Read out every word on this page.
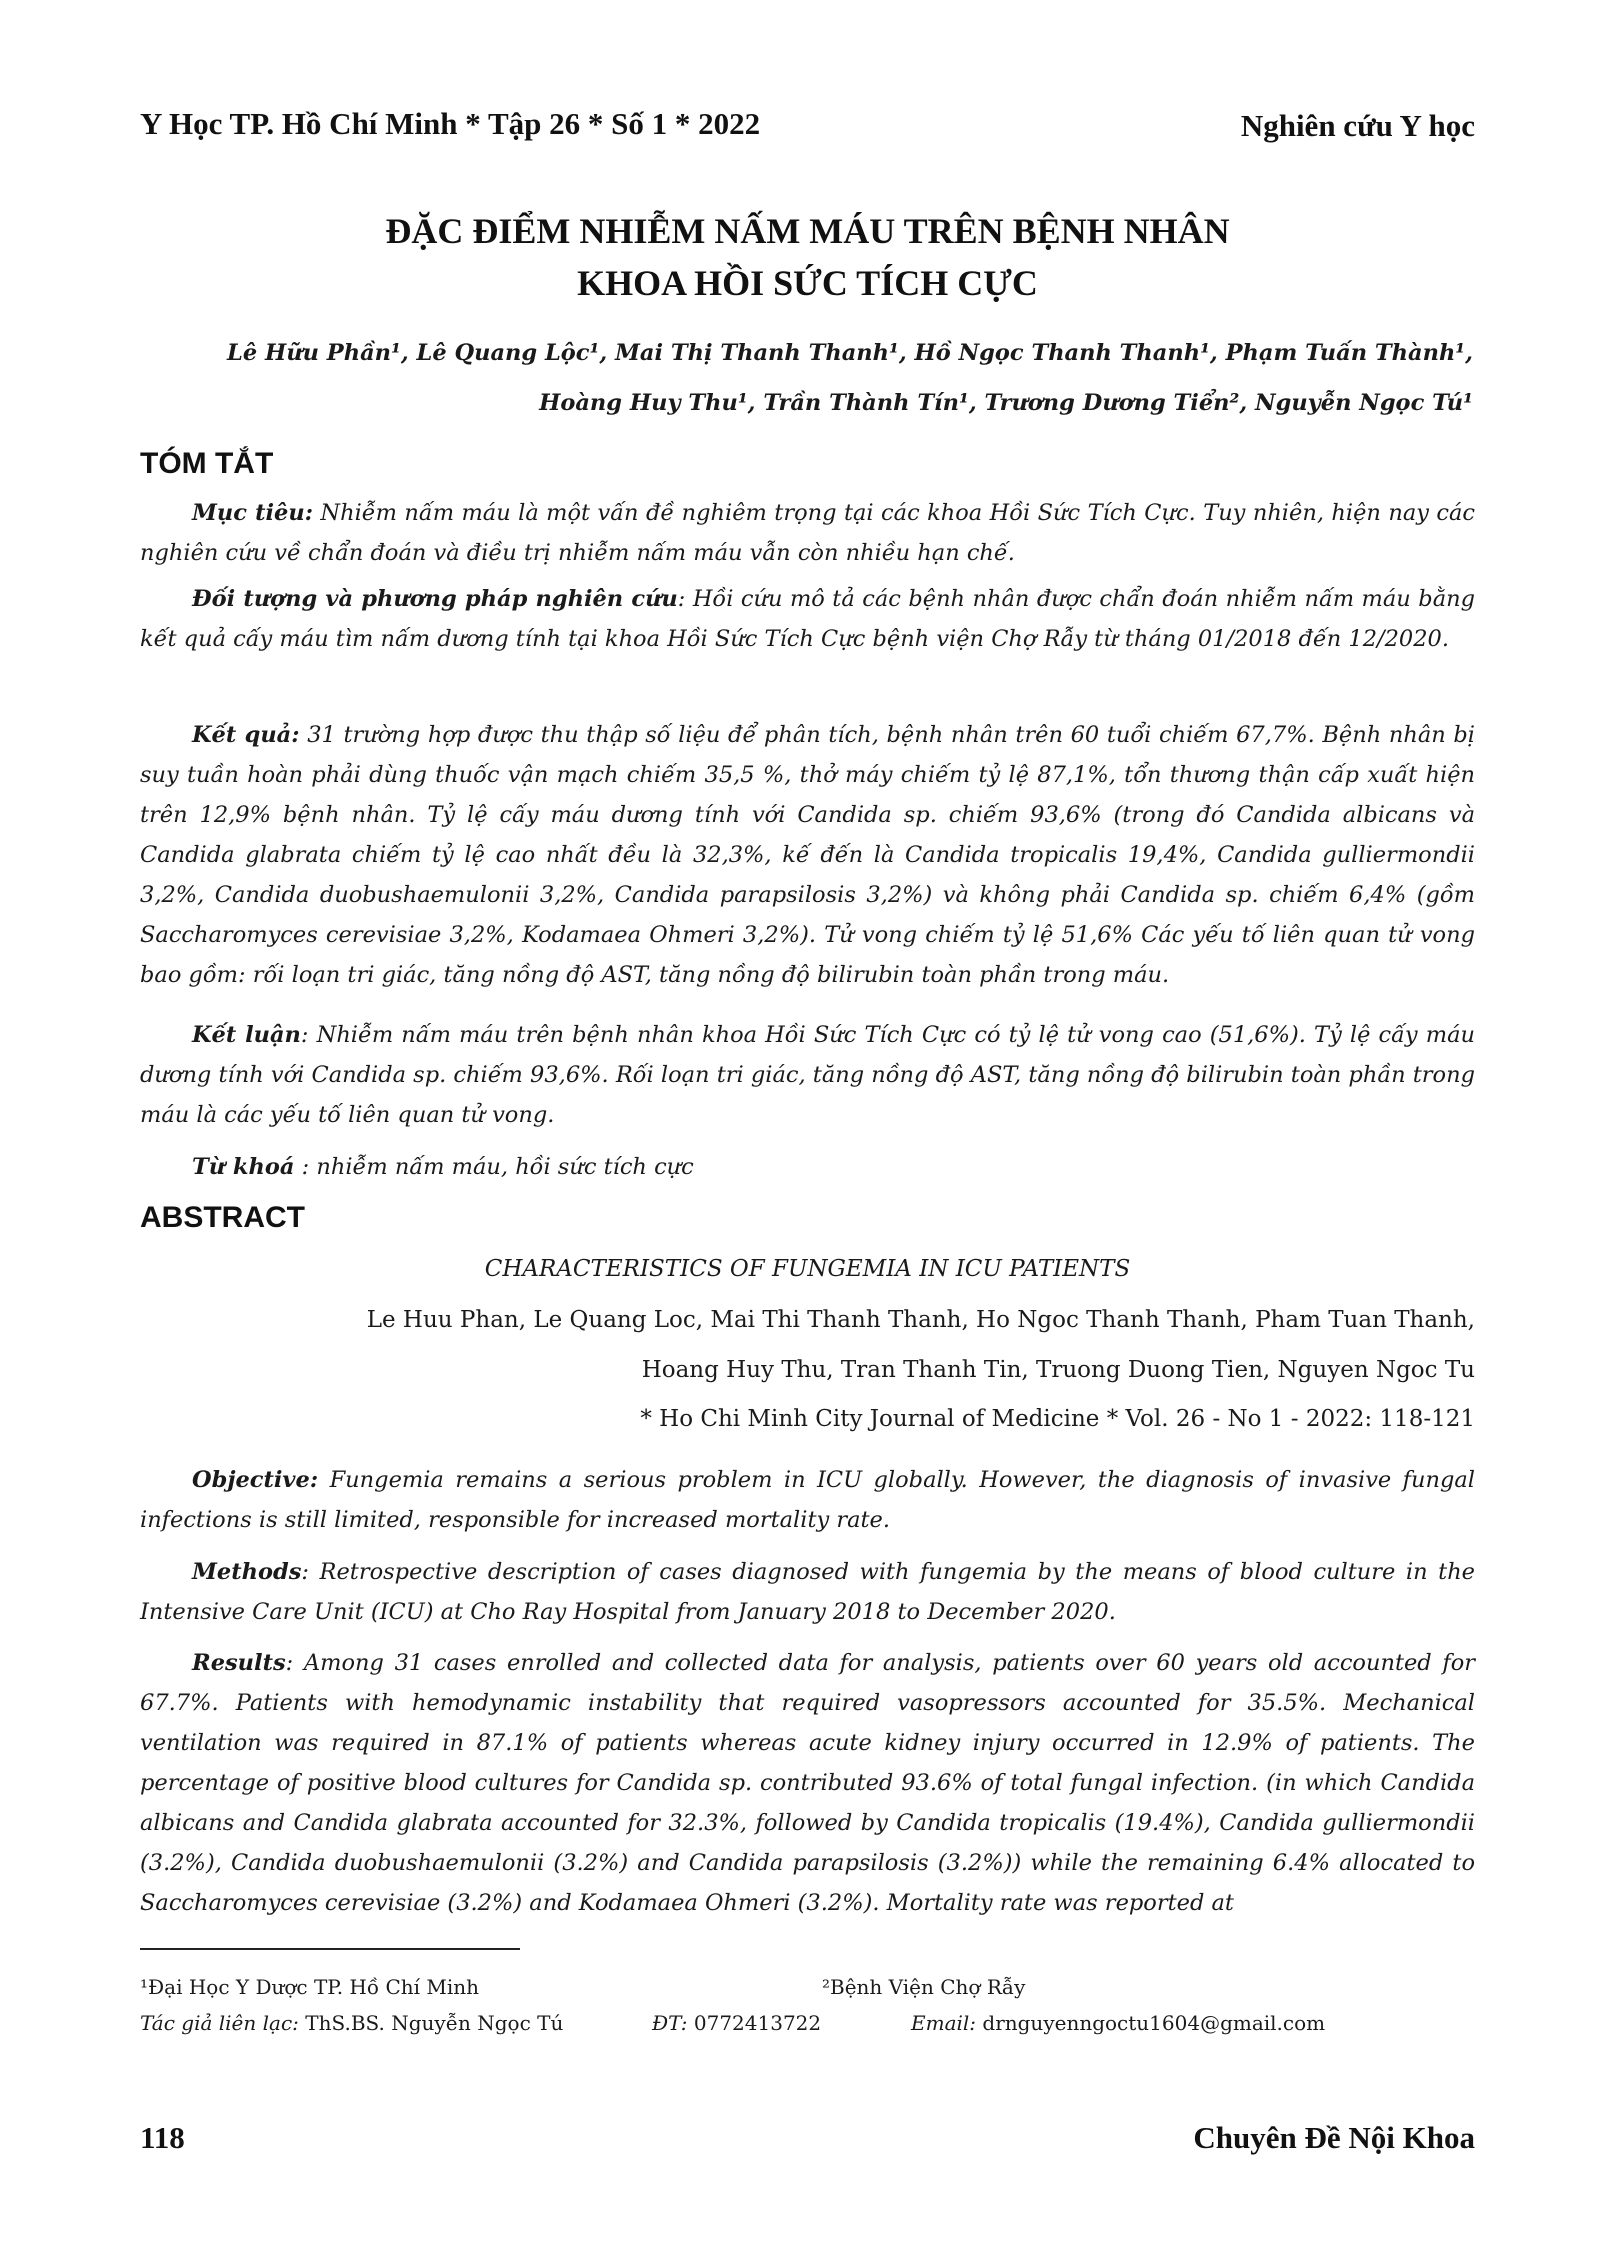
Y Học TP. Hồ Chí Minh * Tập 26 * Số 1 * 2022	Nghiên cứu Y học
ĐẶC ĐIỂM NHIỄM NẤM MÁU TRÊN BỆNH NHÂN
KHOA HỒI SỨC TÍCH CỰC
Lê Hữu Phần¹, Lê Quang Lộc¹, Mai Thị Thanh Thanh¹, Hồ Ngọc Thanh Thanh¹, Phạm Tuấn Thành¹,
Hoàng Huy Thu¹, Trần Thành Tín¹, Trương Dương Tiển², Nguyễn Ngọc Tú¹
TÓM TẮT
Mục tiêu: Nhiễm nấm máu là một vấn đề nghiêm trọng tại các khoa Hồi Sức Tích Cực. Tuy nhiên, hiện nay các nghiên cứu về chẩn đoán và điều trị nhiễm nấm máu vẫn còn nhiều hạn chế.
Đối tượng và phương pháp nghiên cứu: Hồi cứu mô tả các bệnh nhân được chẩn đoán nhiễm nấm máu bằng kết quả cấy máu tìm nấm dương tính tại khoa Hồi Sức Tích Cực bệnh viện Chợ Rẫy từ tháng 01/2018 đến 12/2020.
Kết quả: 31 trường hợp được thu thập số liệu để phân tích, bệnh nhân trên 60 tuổi chiếm 67,7%. Bệnh nhân bị suy tuần hoàn phải dùng thuốc vận mạch chiếm 35,5 %, thở máy chiếm tỷ lệ 87,1%, tổn thương thận cấp xuất hiện trên 12,9% bệnh nhân. Tỷ lệ cấy máu dương tính với Candida sp. chiếm 93,6% (trong đó Candida albicans và Candida glabrata chiếm tỷ lệ cao nhất đều là 32,3%, kế đến là Candida tropicalis 19,4%, Candida gulliermondii 3,2%, Candida duobushaemulonii 3,2%, Candida parapsilosis 3,2%) và không phải Candida sp. chiếm 6,4% (gồm Saccharomyces cerevisiae 3,2%, Kodamaea Ohmeri 3,2%). Tử vong chiếm tỷ lệ 51,6% Các yếu tố liên quan tử vong bao gồm: rối loạn tri giác, tăng nồng độ AST, tăng nồng độ bilirubin toàn phần trong máu.
Kết luận: Nhiễm nấm máu trên bệnh nhân khoa Hồi Sức Tích Cực có tỷ lệ tử vong cao (51,6%). Tỷ lệ cấy máu dương tính với Candida sp. chiếm 93,6%. Rối loạn tri giác, tăng nồng độ AST, tăng nồng độ bilirubin toàn phần trong máu là các yếu tố liên quan tử vong.
Từ khoá : nhiễm nấm máu, hồi sức tích cực
ABSTRACT
CHARACTERISTICS OF FUNGEMIA IN ICU PATIENTS
Le Huu Phan, Le Quang Loc, Mai Thi Thanh Thanh, Ho Ngoc Thanh Thanh, Pham Tuan Thanh,
Hoang Huy Thu, Tran Thanh Tin, Truong Duong Tien, Nguyen Ngoc Tu
* Ho Chi Minh City Journal of Medicine * Vol. 26 - No 1 - 2022: 118-121
Objective: Fungemia remains a serious problem in ICU globally. However, the diagnosis of invasive fungal infections is still limited, responsible for increased mortality rate.
Methods: Retrospective description of cases diagnosed with fungemia by the means of blood culture in the Intensive Care Unit (ICU) at Cho Ray Hospital from January 2018 to December 2020.
Results: Among 31 cases enrolled and collected data for analysis, patients over 60 years old accounted for 67.7%. Patients with hemodynamic instability that required vasopressors accounted for 35.5%. Mechanical ventilation was required in 87.1% of patients whereas acute kidney injury occurred in 12.9% of patients. The percentage of positive blood cultures for Candida sp. contributed 93.6% of total fungal infection. (in which Candida albicans and Candida glabrata accounted for 32.3%, followed by Candida tropicalis (19.4%), Candida gulliermondii (3.2%), Candida duobushaemulonii (3.2%) and Candida parapsilosis (3.2%)) while the remaining 6.4% allocated to Saccharomyces cerevisiae (3.2%) and Kodamaea Ohmeri (3.2%). Mortality rate was reported at
¹Đại Học Y Dược TP. Hồ Chí Minh	²Bệnh Viện Chợ Rẫy
Tác giả liên lạc: ThS.BS. Nguyễn Ngọc Tú	ĐT: 0772413722	Email: drnguyenngoctu1604@gmail.com
118	Chuyên Đề Nội Khoa
